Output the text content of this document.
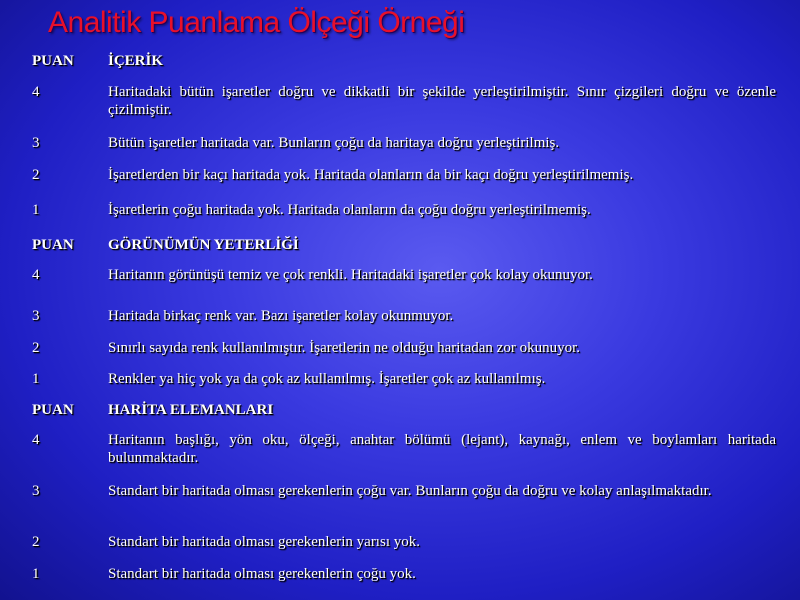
Analitik Puanlama Ölçeği Örneği
PUAN	İÇERİK
4	Haritadaki bütün işaretler doğru ve dikkatli bir şekilde yerleştirilmiştir. Sınır çizgileri doğru ve özenle çizilmiştir.
3	Bütün işaretler haritada var. Bunların çoğu da haritaya doğru yerleştirilmiş.
2	İşaretlerden bir kaçı haritada yok. Haritada olanların da bir kaçı doğru yerleştirilmemiş.
1	İşaretlerin çoğu haritada yok. Haritada olanların da çoğu doğru yerleştirilmemiş.
PUAN	GÖRÜNÜMÜN YETERLİĞİ
4	Haritanın görünüşü temiz ve çok renkli. Haritadaki işaretler çok kolay okunuyor.
3	Haritada birkaç renk var. Bazı işaretler kolay okunmuyor.
2	Sınırlı sayıda renk kullanılmıştır. İşaretlerin ne olduğu haritadan zor okunuyor.
1	Renkler ya hiç yok ya da çok az kullanılmış. İşaretler çok az kullanılmış.
PUAN	HARİTA ELEMANLARI
4	Haritanın başlığı, yön oku, ölçeği, anahtar bölümü (lejant), kaynağı, enlem ve boylamları haritada bulunmaktadır.
3	Standart bir haritada olması gerekenlerin çoğu var. Bunların çoğu da doğru ve kolay anlaşılmaktadır.
2	Standart bir haritada olması gerekenlerin yarısı yok.
1	Standart bir haritada olması gerekenlerin çoğu yok.
